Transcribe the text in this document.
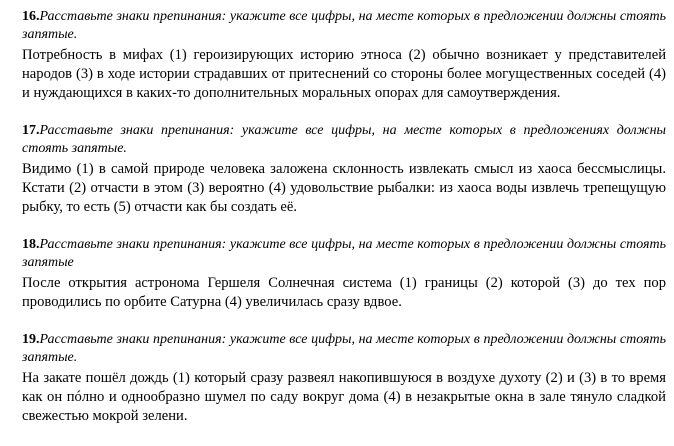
16.Расставьте знаки препинания: укажите все цифры, на месте которых в предложении должны стоять запятые.

Потребность в мифах (1) героизирующих историю этноса (2) обычно возникает у представителей народов (3) в ходе истории страдавших от притеснений со стороны более могущественных соседей (4) и нуждающихся в каких-то дополнительных моральных опорах для самоутверждения.

17.Расставьте знаки препинания: укажите все цифры, на месте которых в предложениях должны стоять запятые.

Видимо (1) в самой природе человека заложена склонность извлекать смысл из хаоса бессмыслицы. Кстати (2) отчасти в этом (3) вероятно (4) удовольствие рыбалки: из хаоса воды извлечь трепещущую рыбку, то есть (5) отчасти как бы создать её.

18.Расставьте знаки препинания: укажите все цифры, на месте которых в предложении должны стоять запятые

После открытия астронома Гершеля Солнечная система (1) границы (2) которой (3) до тех пор проводились по орбите Сатурна (4) увеличилась сразу вдвое.

19.Расставьте знаки препинания: укажите все цифры, на месте которых в предложении должны стоять запятые.

На закате пошёл дождь (1) который сразу развеял накопившуюся в воздухе духоту (2) и (3) в то время как он пóлно и однообразно шумел по саду вокруг дома (4) в незакрытые окна в зале тянуло сладкой свежестью мокрой зелени.
